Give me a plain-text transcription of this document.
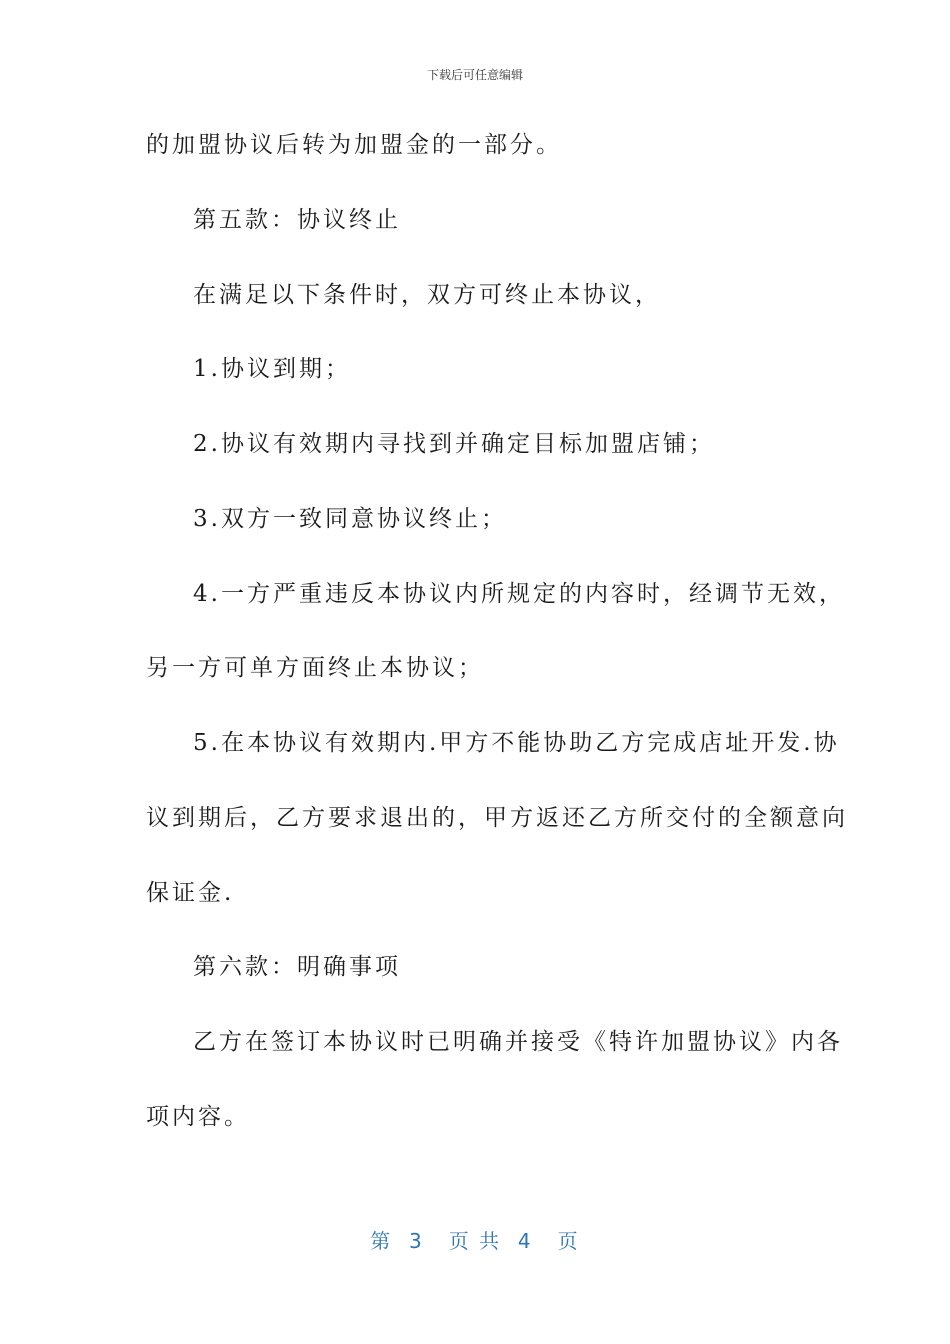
下载后可任意编辑
的加盟协议后转为加盟金的一部分。
第五款：协议终止
在满足以下条件时，双方可终止本协议，
1.协议到期；
2.协议有效期内寻找到并确定目标加盟店铺；
3.双方一致同意协议终止；
4.一方严重违反本协议内所规定的内容时，经调节无效，
另一方可单方面终止本协议；
5.在本协议有效期内.甲方不能协助乙方完成店址开发.协
议到期后，乙方要求退出的，甲方返还乙方所交付的全额意向
保证金.
第六款：明确事项
乙方在签订本协议时已明确并接受《特许加盟协议》内各
项内容。
第  3   页 共  4   页
